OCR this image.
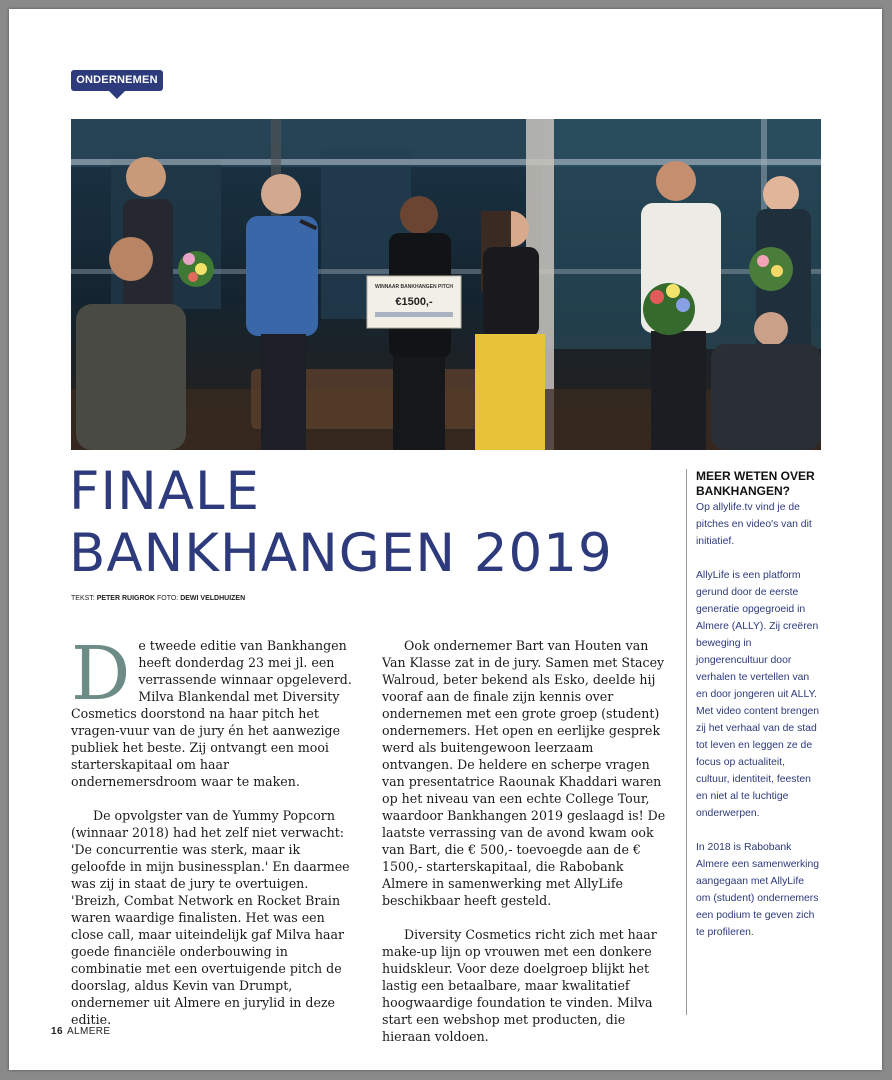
ONDERNEMEN
WINNAAR BANKHANGEN PITCH
€1500,-
FINALE
BANKHANGEN 2019
TEKST: PETER RUIGROK FOTO: DEWI VELDHUIZEN

De tweede editie van Bankhangen heeft donderdag 23 mei jl. een verrassende winnaar opgeleverd. Milva Blankendal met Diversity Cosmetics doorstond na haar pitch het vragen-vuur van de jury én het aanwezige publiek het beste. Zij ontvangt een mooi starterskapitaal om haar ondernemersdroom waar te maken.

De opvolgster van de Yummy Popcorn (winnaar 2018) had het zelf niet verwacht: 'De concurrentie was sterk, maar ik geloofde in mijn businessplan.' En daarmee was zij in staat de jury te overtuigen. 'Breizh, Combat Network en Rocket Brain waren waardige finalisten. Het was een close call, maar uiteindelijk gaf Milva haar goede financiële onderbouwing in combinatie met een overtuigende pitch de doorslag, aldus Kevin van Drumpt, ondernemer uit Almere en jurylid in deze editie.

Ook ondernemer Bart van Houten van Van Klasse zat in de jury. Samen met Stacey Walroud, beter bekend als Esko, deelde hij vooraf aan de finale zijn kennis over ondernemen met een grote groep (student) ondernemers. Het open en eerlijke gesprek werd als buitengewoon leerzaam ontvangen. De heldere en scherpe vragen van presentatrice Raounak Khaddari waren op het niveau van een echte College Tour, waardoor Bankhangen 2019 geslaagd is! De laatste verrassing van de avond kwam ook van Bart, die € 500,- toevoegde aan de € 1500,- starterskapitaal, die Rabobank Almere in samenwerking met AllyLife beschikbaar heeft gesteld.

Diversity Cosmetics richt zich met haar make-up lijn op vrouwen met een donkere huidskleur. Voor deze doelgroep blijkt het lastig een betaalbare, maar kwalitatief hoogwaardige foundation te vinden. Milva start een webshop met producten, die hieraan voldoen.

MEER WETEN OVER BANKHANGEN?

Op allylife.tv vind je de pitches en video's van dit initiatief.

AllyLife is een platform gerund door de eerste generatie opgegroeid in Almere (ALLY). Zij creëren beweging in jongerencultuur door verhalen te vertellen van en door jongeren uit ALLY. Met video content brengen zij het verhaal van de stad tot leven en leggen ze de focus op actualiteit, cultuur, identiteit, feesten en niet al te luchtige onderwerpen.

In 2018 is Rabobank Almere een samenwerking aangegaan met AllyLife om (student) ondernemers een podium te geven zich te profileren.

16 ALMERE
